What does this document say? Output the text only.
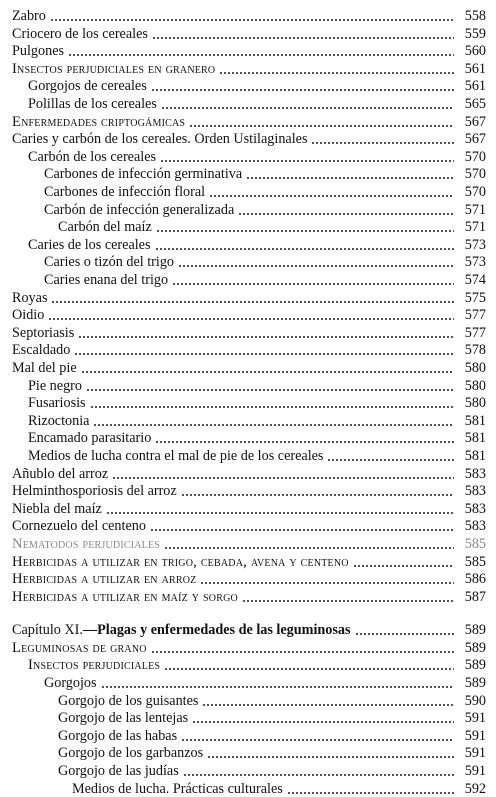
Zabro	558
Criocero de los cereales	559
Pulgones	560
Insectos perjudiciales en granero	561
Gorgojos de cereales	561
Polillas de los cereales	565
Enfermedades criptogámicas	567
Caries y carbón de los cereales. Orden Ustilaginales	567
Carbón de los cereales	570
Carbones de infección germinativa	570
Carbones de infección floral	570
Carbón de infección generalizada	571
Carbón del maíz	571
Caries de los cereales	573
Caries o tizón del trigo	573
Caries enana del trigo	574
Royas	575
Oidio	577
Septoriasis	577
Escaldado	578
Mal del pie	580
Pie negro	580
Fusariosis	580
Rizoctonia	581
Encamado parasitario	581
Medios de lucha contra el mal de pie de los cereales	581
Añublo del arroz	583
Helminthosporiosis del arroz	583
Niebla del maíz	583
Cornezuelo del centeno	583
Nematodos perjudiciales	585
Herbicidas a utilizar en trigo, cebada, avena y centeno	585
Herbicidas a utilizar en arroz	586
Herbicidas a utilizar en maíz y sorgo	587
Capítulo XI. —Plagas y enfermedades de las leguminosas	589
Leguminosas de grano	589
Insectos perjudiciales	589
Gorgojos	589
Gorgojo de los guisantes	590
Gorgojo de las lentejas	591
Gorgojo de las habas	591
Gorgojo de los garbanzos	591
Gorgojo de las judías	591
Medios de lucha. Prácticas culturales	592
